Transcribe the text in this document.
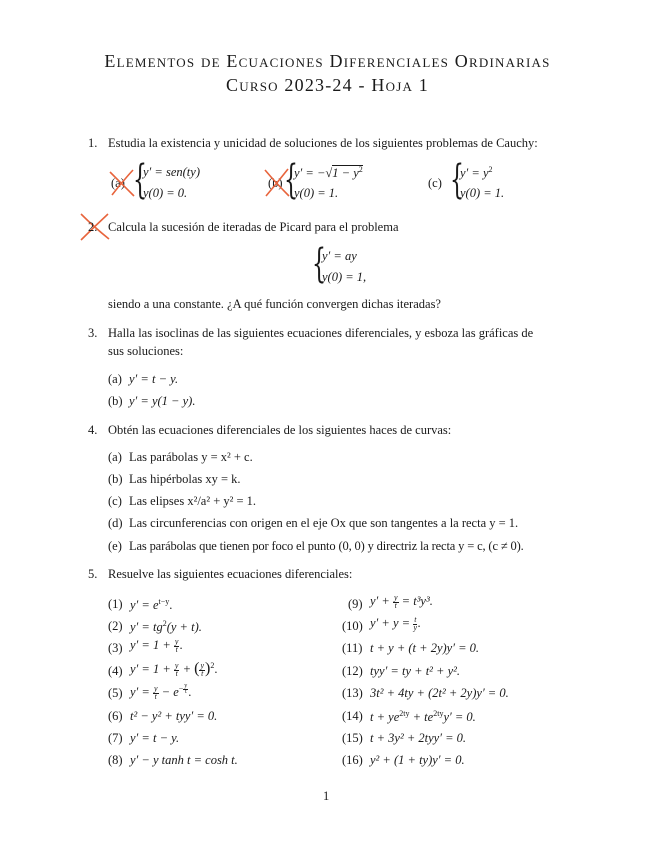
Elementos de Ecuaciones Diferenciales Ordinarias
Curso 2023-24 - Hoja 1
1. Estudia la existencia y unicidad de soluciones de los siguientes problemas de Cauchy:
(a) {
y′ = sen(ty)
y(0) = 0.
(b) {
$y' = -√1 - y^2$
y(0) = 1.
(c) {
$y' = y^2$
y(0) = 1.
2. Calcula la sucesión de iteradas de Picard para el problema
{
y′ = ay
y(0) = 1,
siendo a una constante. ¿A qué función convergen dichas iteradas?
3. Halla las isoclinas de las siguientes ecuaciones diferenciales, y esboza las gráficas de
sus soluciones:
(a) y′ = t − y.
(b) y′ = y(1 − y).
4. Obtén las ecuaciones diferenciales de los siguientes haces de curvas:
(a) Las parábolas y = x² + c.
(b) Las hipérbolas xy = k.
(c) Las elipses x²/a² + y² = 1.
(d) Las circunferencias con origen en el eje Ox que son tangentes a la recta y = 1.
(e) Las parábolas que tienen por foco el punto (0, 0) y directriz la recta y = c, (c ≠ 0).
5. Resuelve las siguientes ecuaciones diferenciales:
(1)
(2)
(3)
(4)
(5)
(6)
(7)
(8)
$y' = e^{t-y}$.
$y' = tg^2(y + t)$.
y′ = 1 + y
t .
y′ = 1 + y
t + (y
t )$^2$.
y′ = y
$t - e^{-y t}$ .
t² − y² + tyy′ = 0.
y′ = t − y.
y′ − y tanh t = cosh t.
(9)
(10)
(11)
(12)
(13)
(14)
(15)
(16)
y′ + y
t = t³y³.
y′ + y = t
y.
t + y + (t + 2y)y′ = 0.
tyy′ = ty + t² + y².
3t² + 4ty + (2t² + 2y)y′ = 0.
$t + ye^{2ty} + te^{2ty}y' = 0$.
t + 3y² + 2tyy′ = 0.
y² + (1 + ty)y′ = 0.
1
